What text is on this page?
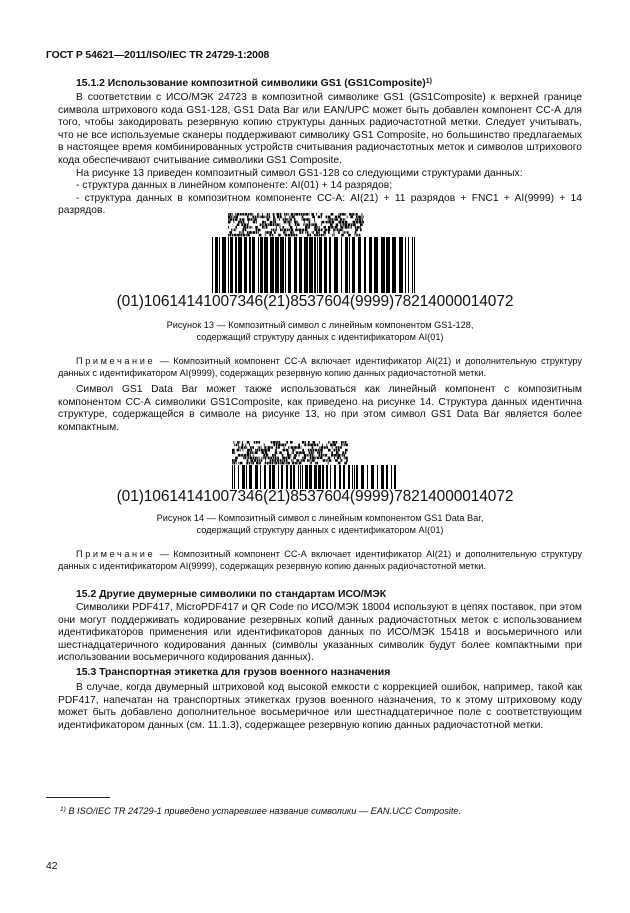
ГОСТ Р 54621—2011/ISO/IEC TR 24729-1:2008

15.1.2 Использование композитной символики GS1 (GS1Composite)$^{1)}$

В соответствии с ИСО/МЭК 24723 в композитной символике GS1 (GS1Composite) к верхней границе символа штрихового кода GS1-128, GS1 Data Bar или EAN/UPC может быть добавлен компонент СС-А для того, чтобы закодировать резервную копию структуры данных радиочастотной метки. Следует учитывать, что не все используемые сканеры поддерживают символику GS1 Composite, но большинство предлагаемых в настоящее время комбинированных устройств считывания радиочастотных меток и символов штрихового кода обеспечивают считывание символики GS1 Composite.

На рисунке 13 приведен композитный символ GS1-128 со следующими структурами данных:

- структура данных в линейном компоненте: AI(01) + 14 разрядов;

- структура данных в композитном компоненте СС-А: AI(21) + 11 разрядов + FNC1 + AI(9999) + 14 разрядов.

(01)10614141007346(21)8537604(9999)78214000014072

Рисунок 13 — Композитный символ с линейным компонентом GS1-128,

содержащий структуру данных с идентификатором AI(01)

Примечание — Композитный компонент СС-А включает идентификатор AI(21) и дополнительную структуру данных с идентификатором AI(9999), содержащих резервную копию данных радиочастотной метки.

Символ GS1 Data Bar может также использоваться как линейный компонент с композитным компонентом СС-А символики GS1Composite, как приведено на рисунке 14. Структура данных идентична структуре, содержащейся в символе на рисунке 13, но при этом символ GS1 Data Bar является более компактным.

(01)10614141007346(21)8537604(9999)78214000014072

Рисунок 14 — Композитный символ с линейным компонентом GS1 Data Bar,

содержащий структуру данных с идентификатором AI(01)

Примечание — Композитный компонент СС-А включает идентификатор AI(21) и дополнительную структуру данных с идентификатором AI(9999), содержащих резервную копию данных радиочастотной метки.

15.2 Другие двумерные символики по стандартам ИСО/МЭК

Символики PDF417, MicroPDF417 и QR Code по ИСО/МЭК 18004 используют в цепях поставок, при этом они могут поддерживать кодирование резервных копий данных радиочастотных меток с использованием идентификаторов применения или идентификаторов данных по ИСО/МЭК 15418 и восьмеричного или шестнадцатеричного кодирования данных (символы указанных символик будут более компактными при использовании восьмеричного кодирования данных).

15.3 Транспортная этикетка для грузов военного назначения

В случае, когда двумерный штриховой код высокой емкости с коррекцией ошибок, например, такой как PDF417, напечатан на транспортных этикетках грузов военного назначения, то к этому штриховому коду может быть добавлено дополнительное восьмеричное или шестнадцатеричное поле с соответствующим идентификатором данных (см. 11.1.3), содержащее резервную копию данных радиочастотной метки.

$^{1)}$ В ISO/IEC TR 24729-1 приведено устаревшее название символики — EAN.UCC Composite.
42
